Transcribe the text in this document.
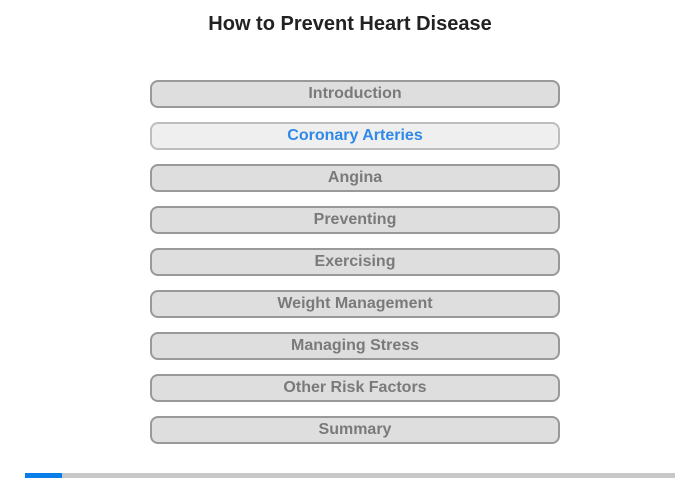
How to Prevent Heart Disease
Introduction
Coronary Arteries
Angina
Preventing
Exercising
Weight Management
Managing Stress
Other Risk Factors
Summary
